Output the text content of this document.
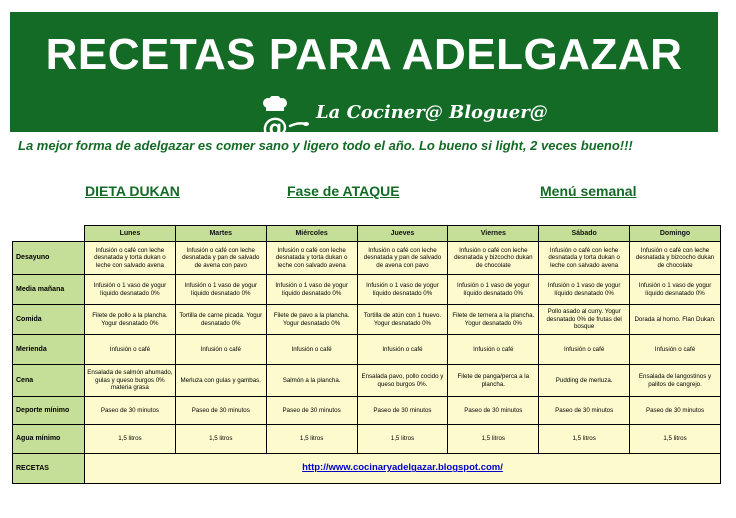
RECETAS PARA ADELGAZAR
@
La Cociner@ Bloguer@
La mejor forma de adelgazar es comer sano y ligero todo el año. Lo bueno si light, 2 veces bueno!!!
DIETA DUKAN	Fase de ATAQUE	Menú semanal
	Lunes	Martes	Miércoles	Jueves	Viernes	Sábado	Domingo
Desayuno	Infusión o café con leche desnatada y torta dukan o leche con salvado avena	Infusión o café con leche desnatada y pan de salvado de avena con pavo	Infusión o café con leche desnatada y torta dukan o leche con salvado avena	Infusión o café con leche desnatada y pan de salvado de avena con pavo	Infusión o café con leche desnatada y bizcocho dukan de chocolate	Infusión o café con leche desnatada y torta dukan o leche con salvado avena	Infusión o café con leche desnatada y bizcocho dukan de chocolate
Media mañana	Infusión o 1 vaso de yogur líquido desnatado 0%	Infusión o 1 vaso de yogur líquido desnatado 0%	Infusión o 1 vaso de yogur líquido desnatado 0%	Infusión o 1 vaso de yogur líquido desnatado 0%	Infusión o 1 vaso de yogur líquido desnatado 0%	Infusión o 1 vaso de yogur líquido desnatado 0%	Infusión o 1 vaso de yogur líquido desnatado 0%
Comida	Filete de pollo a la plancha. Yogur desnatado 0%	Tortilla de carne picada. Yogur desnatado 0%	Filete de pavo a la plancha. Yogur desnatado 0%	Tortilla de atún con 1 huevo. Yogur desnatado 0%	Filete de ternera a la plancha. Yogur desnatado 0%	Pollo asado al curry. Yogur desnatado 0% de frutas del bosque	Dorada al horno. Flan Dukan.
Merienda	Infusión o café	Infusión o café	Infusión o café	Infusión o café	Infusión o café	Infusión o café	Infusión o café
Cena	Ensalada de salmón ahumado, gulas y queso burgos 0% materia grasa	Merluza con gulas y gambas.	Salmón a la plancha.	Ensalada pavo, pollo cocido y queso burgos 0%.	Filete de panga/perca a la plancha.	Pudding de merluza.	Ensalada de langostinos y palitos de cangrejo.
Deporte mínimo	Paseo de 30 minutos	Paseo de 30 minutos	Paseo de 30 minutos	Paseo de 30 minutos	Paseo de 30 minutos	Paseo de 30 minutos	Paseo de 30 minutos
Agua mínimo	1,5 litros	1,5 litros	1,5 litros	1,5 litros	1,5 litros	1,5 litros	1,5 litros
RECETAS	http://www.cocinaryadelgazar.blogspot.com/						
